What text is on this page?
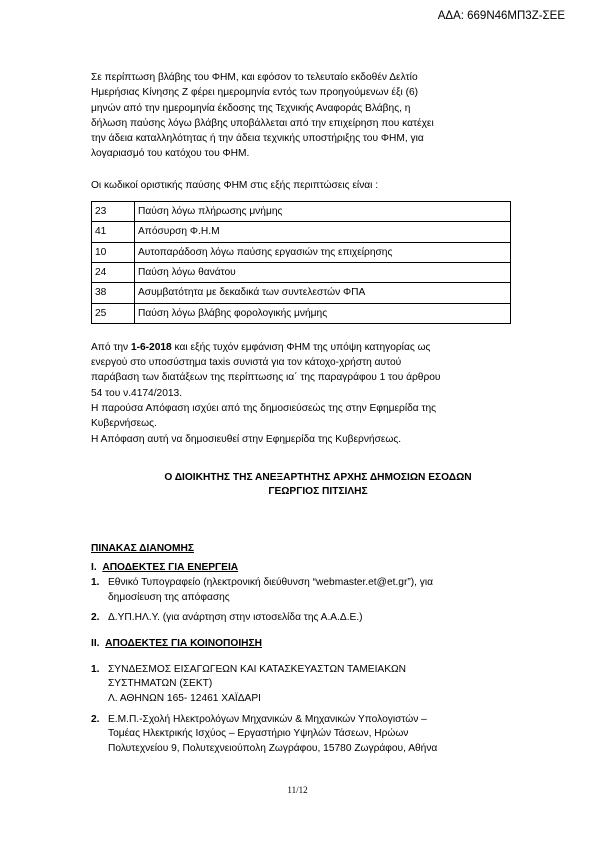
ΑΔΑ: 669Ν46ΜΠ3Ζ-ΣΕΕ
Σε περίπτωση βλάβης του ΦΗΜ, και εφόσον το τελευταίο εκδοθέν Δελτίο
Ημερήσιας Κίνησης Ζ φέρει ημερομηνία εντός των προηγούμενων έξι (6)
μηνών από την ημερομηνία έκδοσης της Τεχνικής Αναφοράς Βλάβης, η
δήλωση παύσης λόγω βλάβης υποβάλλεται από την επιχείρηση που κατέχει
την άδεια καταλληλότητας ή την άδεια τεχνικής υποστήριξης του ΦΗΜ, για
λογαριασμό του κατόχου του ΦΗΜ.
Οι κωδικοί οριστικής παύσης ΦΗΜ στις εξής περιπτώσεις είναι :
23	Παύση λόγω πλήρωσης μνήμης
41	Απόσυρση Φ.Η.Μ
10	Αυτοπαράδοση λόγω παύσης εργασιών της επιχείρησης
24	Παύση λόγω θανάτου
38	Ασυμβατότητα με δεκαδικά των συντελεστών ΦΠΑ
25	Παύση λόγω βλάβης φορολογικής μνήμης
Από την 1-6-2018 και εξής τυχόν εμφάνιση ΦΗΜ της υπόψη κατηγορίας ως
ενεργού στο υποσύστημα taxis συνιστά για τον κάτοχο-χρήστη αυτού
παράβαση των διατάξεων της περίπτωσης ια΄ της παραγράφου 1 του άρθρου
54 του ν.4174/2013.
Η παρούσα Απόφαση ισχύει από της δημοσιεύσεώς της στην Εφημερίδα της
Κυβερνήσεως.
Η Απόφαση αυτή να δημοσιευθεί στην Εφημερίδα της Κυβερνήσεως.
Ο ΔΙΟΙΚΗΤΗΣ ΤΗΣ ΑΝΕΞΑΡΤΗΤΗΣ ΑΡΧΗΣ ΔΗΜΟΣΙΩΝ ΕΣΟΔΩΝ
ΓΕΩΡΓΙΟΣ ΠΙΤΣΙΛΗΣ
ΠΙΝΑΚΑΣ ΔΙΑΝΟΜΗΣ
Ι. ΑΠΟΔΕΚΤΕΣ ΓΙΑ ΕΝΕΡΓΕΙΑ
1. Εθνικό Τυπογραφείο (ηλεκτρονική διεύθυνση “webmaster.et@et.gr”), για
δημοσίευση της απόφασης
2. Δ.ΥΠ.ΗΛ.Υ. (για ανάρτηση στην ιστοσελίδα της Α.Α.Δ.Ε.)
ΙΙ. ΑΠΟΔΕΚΤΕΣ ΓΙΑ ΚΟΙΝΟΠΟΙΗΣΗ
1. ΣΥΝΔΕΣΜΟΣ ΕΙΣΑΓΩΓΕΩΝ ΚΑΙ ΚΑΤΑΣΚΕΥΑΣΤΩΝ ΤΑΜΕΙΑΚΩΝ
ΣΥΣΤΗΜΑΤΩΝ (ΣΕΚΤ)
Λ. ΑΘΗΝΩΝ 165- 12461 ΧΑΪΔΑΡΙ
2. Ε.Μ.Π.-Σχολή Ηλεκτρολόγων Μηχανικών & Μηχανικών Υπολογιστών –
Τομέας Ηλεκτρικής Ισχύος – Εργαστήριο Υψηλών Τάσεων, Ηρώων
Πολυτεχνείου 9, Πολυτεχνειούπολη Ζωγράφου, 15780 Ζωγράφου, Αθήνα
11/12
